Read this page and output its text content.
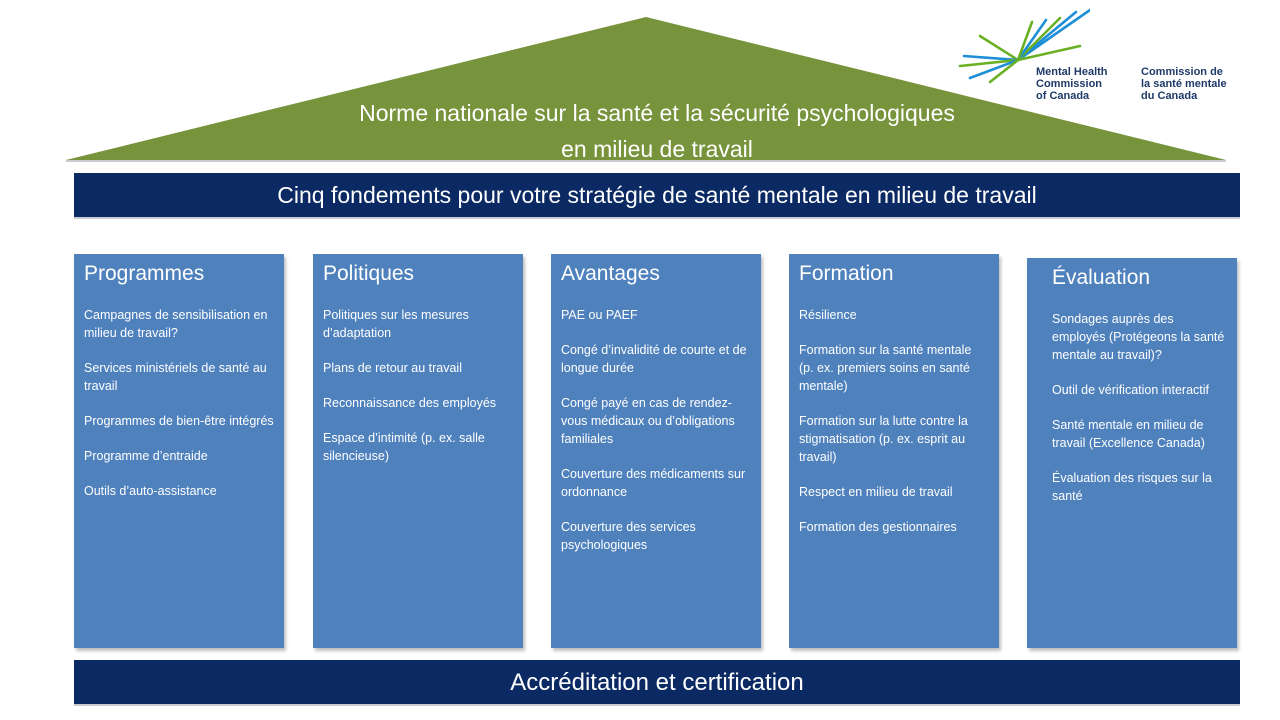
Norme nationale sur la santé et la sécurité psychologiques
en milieu de travail
Mental Health
Commission
of Canada
Commission de
la santé mentale
du Canada
Cinq fondements pour votre stratégie de santé mentale en milieu de travail
Programmes
Campagnes de sensibilisation en milieu de travail?
Services ministériels de santé au travail
Programmes de bien-être intégrés
Programme d’entraide
Outils d’auto-assistance
Politiques
Politiques sur les mesures d’adaptation
Plans de retour au travail
Reconnaissance des employés
Espace d’intimité (p. ex. salle silencieuse)
Avantages
PAE ou PAEF
Congé d’invalidité de courte et de longue durée
Congé payé en cas de rendez-vous médicaux ou d’obligations familiales
Couverture des médicaments sur ordonnance
Couverture des services psychologiques
Formation
Résilience
Formation sur la santé mentale (p. ex. premiers soins en santé mentale)
Formation sur la lutte contre la stigmatisation (p. ex. esprit au travail)
Respect en milieu de travail
Formation des gestionnaires
Évaluation
Sondages auprès des employés (Protégeons la santé mentale au travail)?
Outil de vérification interactif
Santé mentale en milieu de travail (Excellence Canada)
Évaluation des risques sur la santé
Accréditation et certification
